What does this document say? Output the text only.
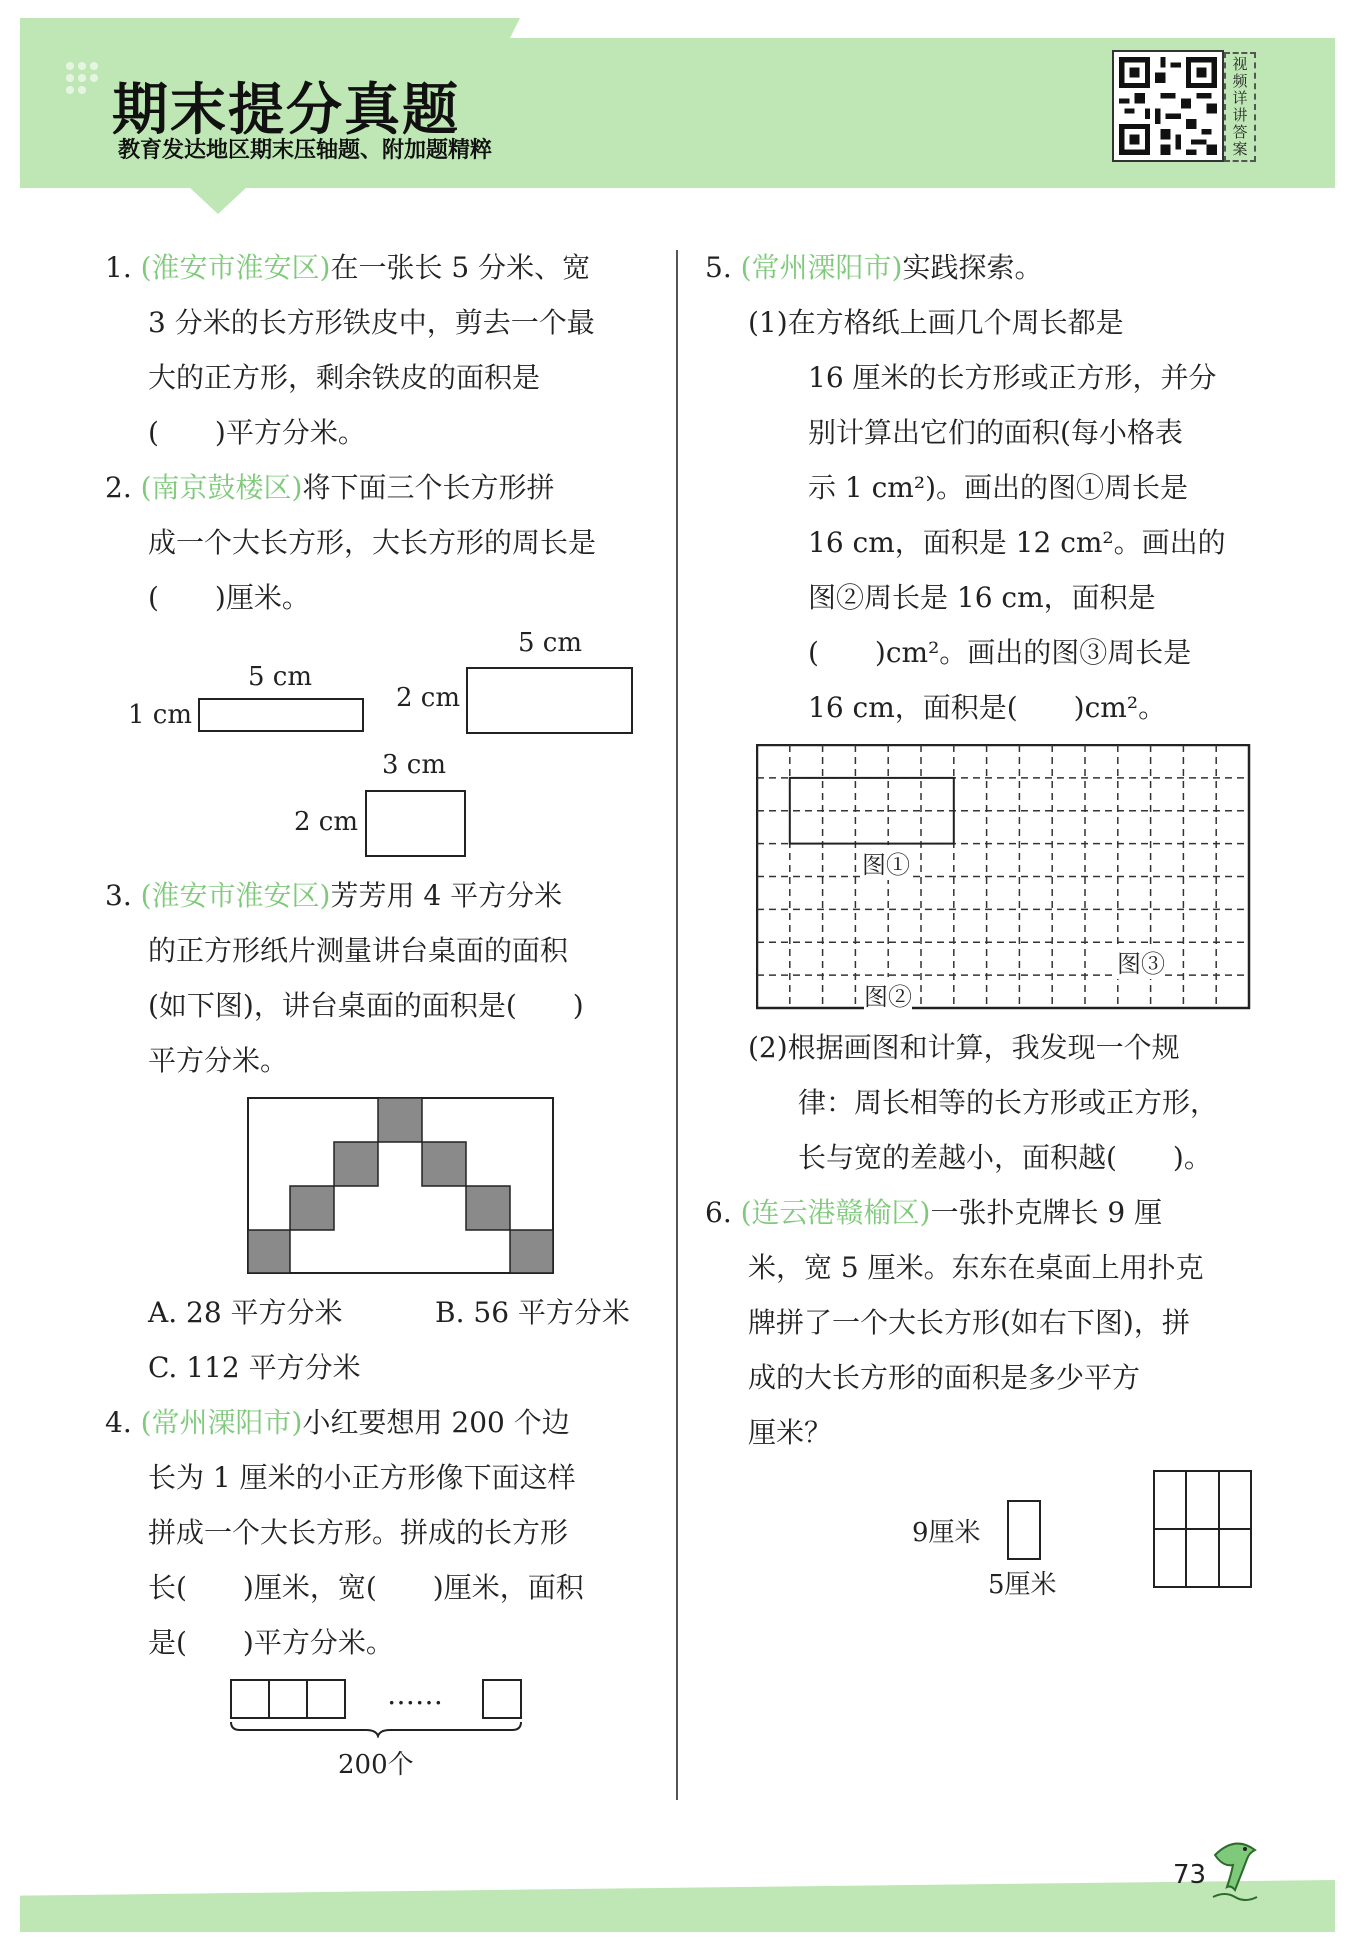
期末提分真题
教育发达地区期末压轴题、附加题精粹
视频详讲答案
1. (淮安市淮安区)在一张长 5 分米、宽
3 分米的长方形铁皮中，剪去一个最
大的正方形，剩余铁皮的面积是
(　　)平方分米。
2. (南京鼓楼区)将下面三个长方形拼
成一个大长方形，大长方形的周长是
(　　)厘米。
5 cm
1 cm
5 cm
2 cm
3 cm
2 cm
3. (淮安市淮安区)芳芳用 4 平方分米
的正方形纸片测量讲台桌面的面积
(如下图)，讲台桌面的面积是(　　)
平方分米。
A. 28 平方分米	B. 56 平方分米
C. 112 平方分米
4. (常州溧阳市)小红要想用 200 个边
长为 1 厘米的小正方形像下面这样
拼成一个大长方形。拼成的长方形
长(　　)厘米，宽(　　)厘米，面积
是(　　)平方分米。
……
200个
5. (常州溧阳市)实践探索。
(1)在方格纸上画几个周长都是
16 厘米的长方形或正方形，并分
别计算出它们的面积(每小格表
示 1 cm²)。画出的图①周长是
16 cm，面积是 12 cm²。画出的
图②周长是 16 cm，面积是
(　　)cm²。画出的图③周长是
16 cm，面积是(　　)cm²。
图①
图②
图③
(2)根据画图和计算，我发现一个规
律：周长相等的长方形或正方形，
长与宽的差越小，面积越(　　)。
6. (连云港赣榆区)一张扑克牌长 9 厘
米，宽 5 厘米。东东在桌面上用扑克
牌拼了一个大长方形(如右下图)，拼
成的大长方形的面积是多少平方
厘米？
9厘米
5厘米
73
